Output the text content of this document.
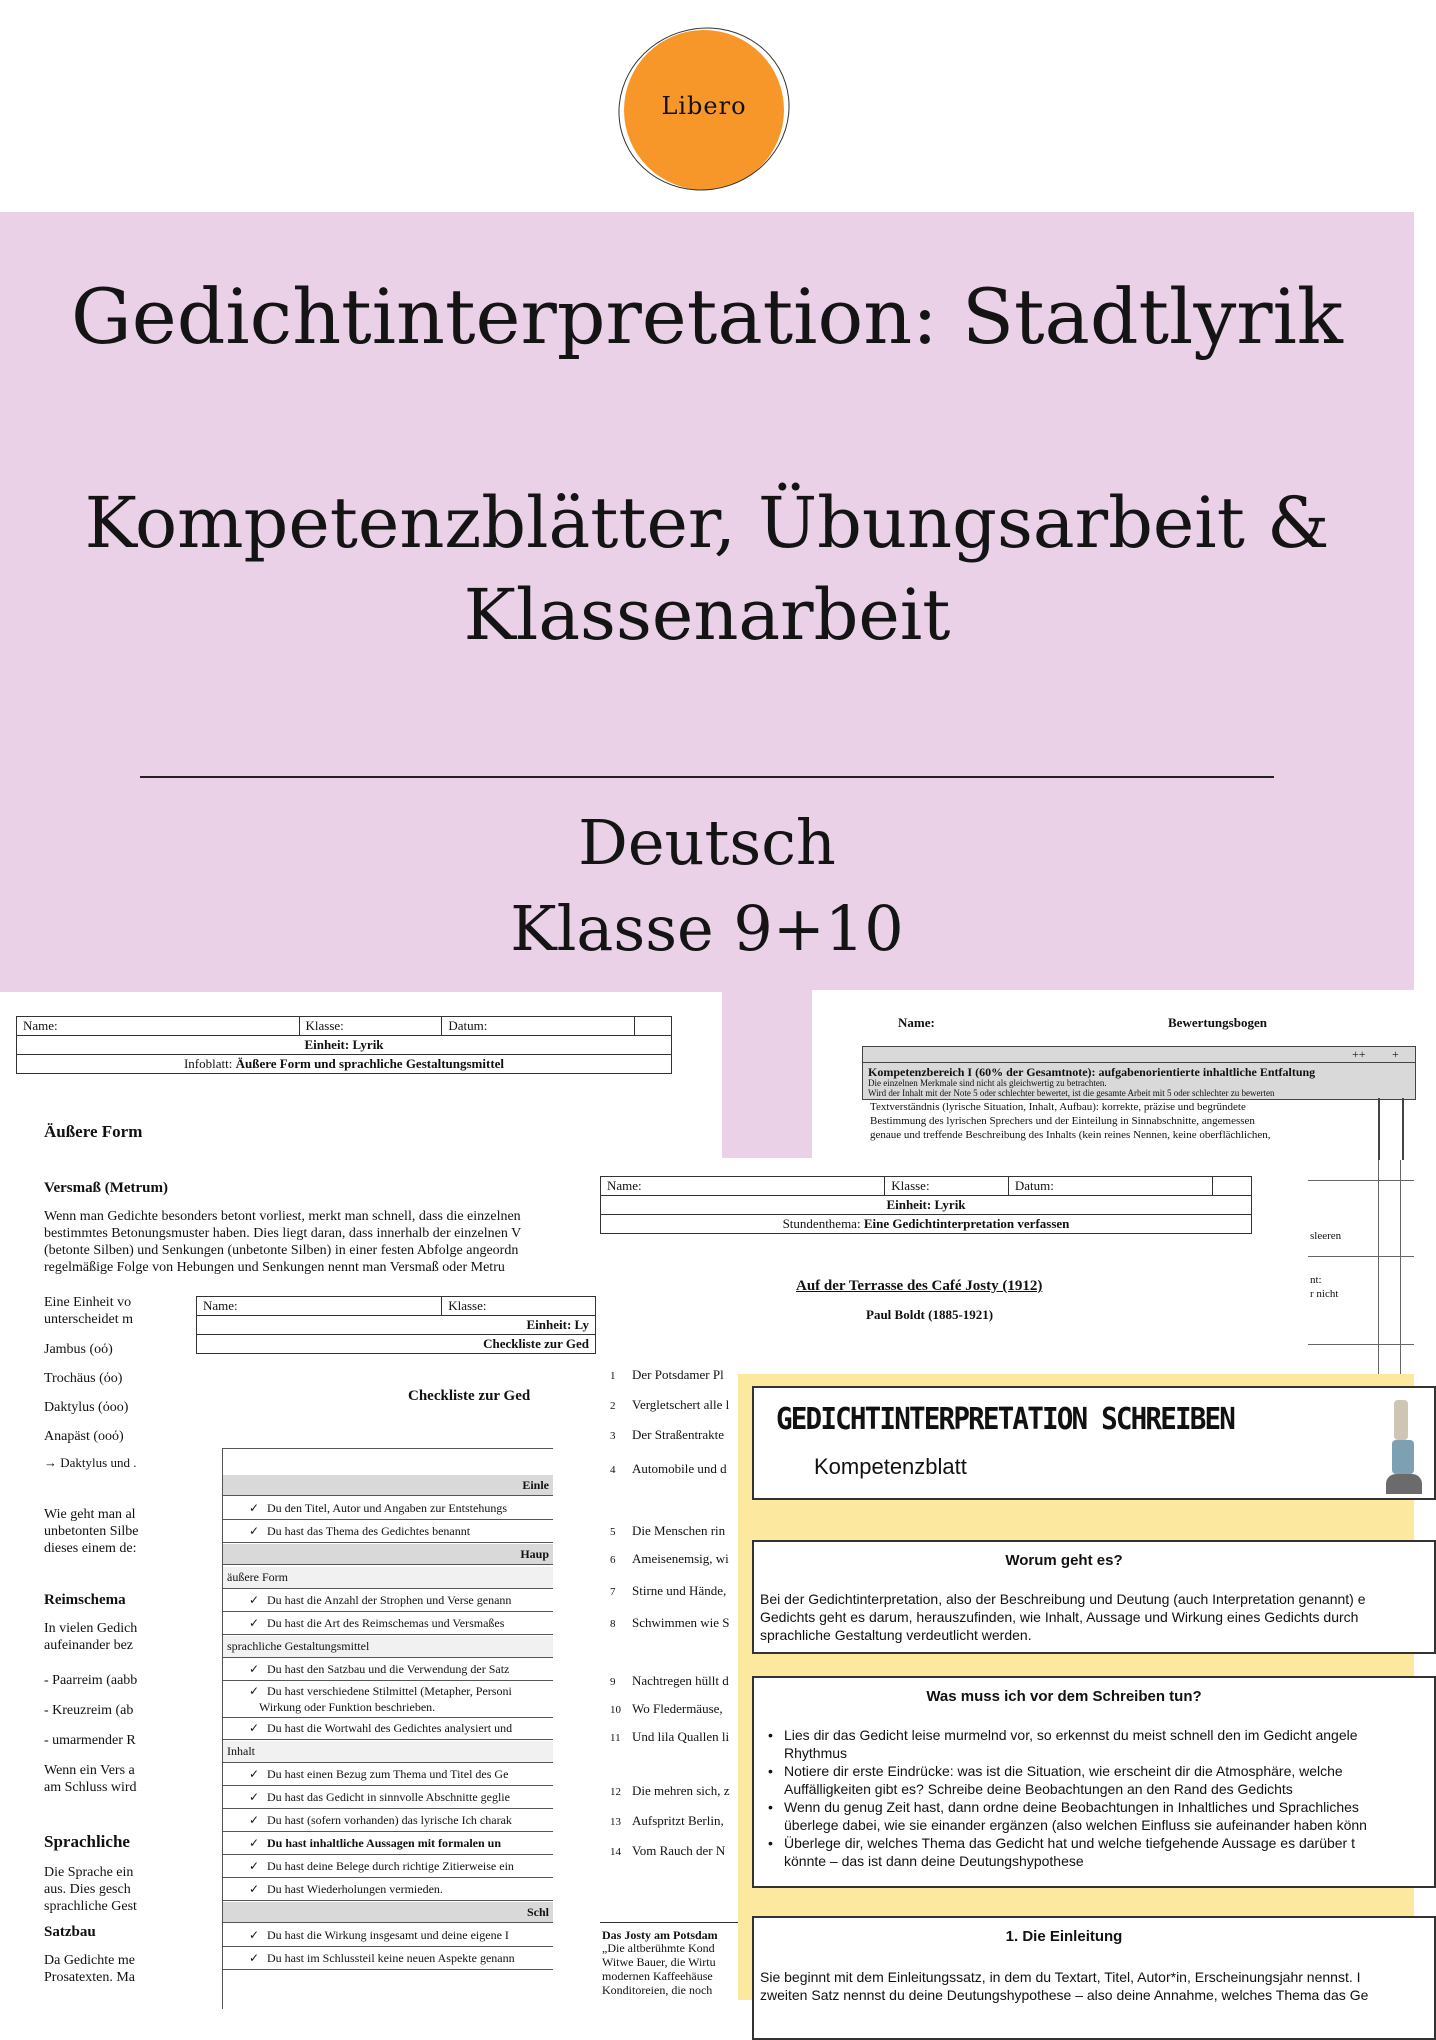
Libero
Gedichtinterpretation: Stadtlyrik
Kompetenzblätter, Übungsarbeit &
Klassenarbeit
Deutsch
Klasse 9+10
Name:	Klasse:	Datum:	
Einheit: Lyrik
Infoblatt: Äußere Form und sprachliche Gestaltungsmittel
Äußere Form
Versmaß (Metrum)
Wenn man Gedichte besonders betont vorliest, merkt man schnell, dass die einzelnen
bestimmtes Betonungsmuster haben. Dies liegt daran, dass innerhalb der einzelnen V
(betonte Silben) und Senkungen (unbetonte Silben) in einer festen Abfolge angeordn
regelmäßige Folge von Hebungen und Senkungen nennt man Versmaß oder Metru
Eine Einheit vo
unterscheidet m
Jambus (οό)
Trochäus (όο)
Daktylus (όοο)
Anapäst (οοό)
→ Daktylus und .
Wie geht man al
unbetonten Silbe
dieses einem de:
Reimschema
In vielen Gedich
aufeinander bez
- Paarreim (aabb
- Kreuzreim (ab
- umarmender R
Wenn ein Vers a
am Schluss wird
Sprachliche
Die Sprache ein
aus. Dies gesch
sprachliche Gest
Satzbau
Da Gedichte me
Prosatexten. Ma
Name:	Bewertungsbogen
++ +
Kompetenzbereich I (60% der Gesamtnote): aufgabenorientierte inhaltliche Entfaltung
Die einzelnen Merkmale sind nicht als gleichwertig zu betrachten.
Wird der Inhalt mit der Note 5 oder schlechter bewertet, ist die gesamte Arbeit mit 5 oder schlechter zu bewerten
Textverständnis (lyrische Situation, Inhalt, Aufbau): korrekte, präzise und begründete
Bestimmung des lyrischen Sprechers und der Einteilung in Sinnabschnitte, angemessen
genaue und treffende Beschreibung des Inhalts (kein reines Nennen, keine oberflächlichen,
sleeren
nt:
r nicht
Name:	Klasse:	Datum:	
Einheit: Lyrik
Stundenthema: Eine Gedichtinterpretation verfassen
Auf der Terrasse des Café Josty (1912)
Paul Boldt (1885-1921)
1 Der Potsdamer Pl
2 Vergletschert alle l
3 Der Straßentrakte
4 Automobile und d
5 Die Menschen rin
6 Ameisenemsig, wi
7 Stirne und Hände,
8 Schwimmen wie S
9 Nachtregen hüllt d
10 Wo Fledermäuse,
11 Und lila Quallen li
12 Die mehren sich, z
13 Aufspritzt Berlin,
14 Vom Rauch der N
Das Josty am Potsdam
„Die altberühmte Kond
Witwe Bauer, die Wirtu
modernen Kaffeehäuse
Konditoreien, die noch
Name:	Klasse:
Einheit: Ly
Checkliste zur Ged
Checkliste zur Ged
Einle
✓ Du den Titel, Autor und Angaben zur Entstehungs
✓ Du hast das Thema des Gedichtes benannt
Haup
äußere Form
✓ Du hast die Anzahl der Strophen und Verse genann
✓ Du hast die Art des Reimschemas und Versmaßes
sprachliche Gestaltungsmittel
✓ Du hast den Satzbau und die Verwendung der Satz
✓ Du hast verschiedene Stilmittel (Metapher, Personi
Wirkung oder Funktion beschrieben.
✓ Du hast die Wortwahl des Gedichtes analysiert und
Inhalt
✓ Du hast einen Bezug zum Thema und Titel des Ge
✓ Du hast das Gedicht in sinnvolle Abschnitte geglie
✓ Du hast (sofern vorhanden) das lyrische Ich charak
✓ Du hast inhaltliche Aussagen mit formalen un
✓ Du hast deine Belege durch richtige Zitierweise ein
✓ Du hast Wiederholungen vermieden.
Schl
✓ Du hast die Wirkung insgesamt und deine eigene I
✓ Du hast im Schlussteil keine neuen Aspekte genann
GEDICHTINTERPRETATION SCHREIBEN
Kompetenzblatt
Worum geht es?
Bei der Gedichtinterpretation, also der Beschreibung und Deutung (auch Interpretation genannt) e
Gedichts geht es darum, herauszufinden, wie Inhalt, Aussage und Wirkung eines Gedichts durch
sprachliche Gestaltung verdeutlicht werden.
Was muss ich vor dem Schreiben tun?
• Lies dir das Gedicht leise murmelnd vor, so erkennst du meist schnell den im Gedicht angele
Rhythmus
• Notiere dir erste Eindrücke: was ist die Situation, wie erscheint dir die Atmosphäre, welche
Auffälligkeiten gibt es? Schreibe deine Beobachtungen an den Rand des Gedichts
• Wenn du genug Zeit hast, dann ordne deine Beobachtungen in Inhaltliches und Sprachliches
überlege dabei, wie sie einander ergänzen (also welchen Einfluss sie aufeinander haben könn
• Überlege dir, welches Thema das Gedicht hat und welche tiefgehende Aussage es darüber t
könnte – das ist dann deine Deutungshypothese
1. Die Einleitung
Sie beginnt mit dem Einleitungssatz, in dem du Textart, Titel, Autor*in, Erscheinungsjahr nennst. I
zweiten Satz nennst du deine Deutungshypothese – also deine Annahme, welches Thema das Ge
